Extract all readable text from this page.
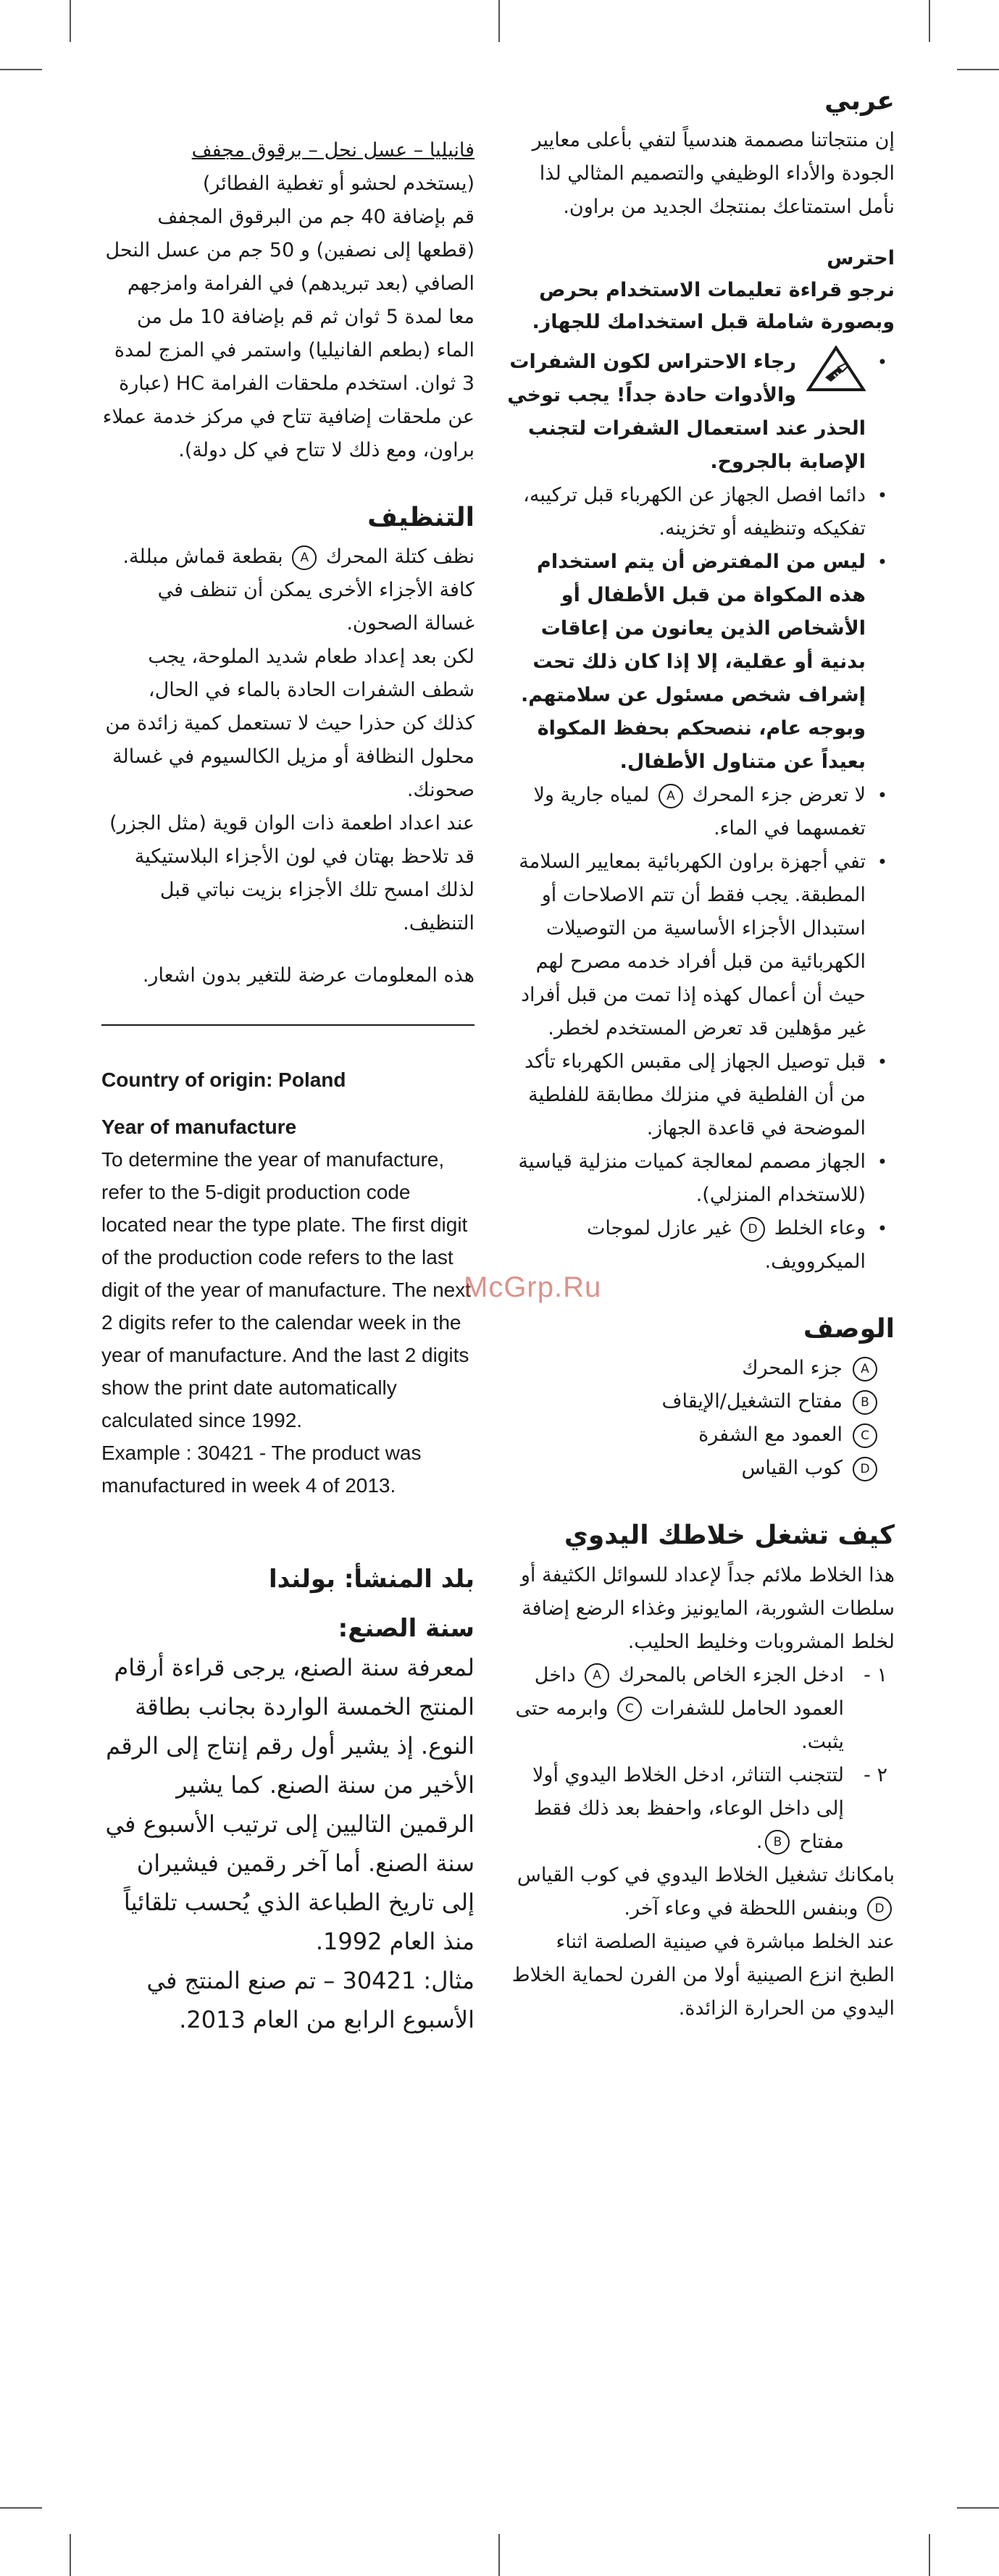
عربي

إن منتجاتنا مصممة هندسياً لتفي بأعلى معايير الجودة والأداء الوظيفي والتصميم المثالي لذا نأمل استمتاعك بمنتجك الجديد من براون.

احترس

نرجو قراءة تعليمات الاستخدام بحرص وبصورة شاملة قبل استخدامك للجهاز.

•
رجاء الاحتراس لكون الشفرات والأدوات حادة جداً! يجب توخي الحذر عند استعمال الشفرات لتجنب الإصابة بالجروح.
•
دائما افصل الجهاز عن الكهرباء قبل تركيبه، تفكيكه وتنظيفه أو تخزينه.
•
ليس من المفترض أن يتم استخدام هذه المكواة من قبل الأطفال أو الأشخاص الذين يعانون من إعاقات بدنية أو عقلية، إلا إذا كان ذلك تحت إشراف شخص مسئول عن سلامتهم. وبوجه عام، ننصحكم بحفظ المكواة بعيداً عن متناول الأطفال.
•
لا تعرض جزء المحرك A لمياه جارية ولا تغمسهما في الماء.
•
تفي أجهزة براون الكهربائية بمعايير السلامة المطبقة. يجب فقط أن تتم الاصلاحات أو استبدال الأجزاء الأساسية من التوصيلات الكهربائية من قبل أفراد خدمه مصرح لهم حيث أن أعمال كهذه إذا تمت من قبل أفراد غير مؤهلين قد تعرض المستخدم لخطر.
•
قبل توصيل الجهاز إلى مقبس الكهرباء تأكد من أن الفلطية في منزلك مطابقة للفلطية الموضحة في قاعدة الجهاز.
•
الجهاز مصمم لمعالجة كميات منزلية قياسية (للاستخدام المنزلي).
•
وعاء الخلط D غير عازل لموجات الميكروويف.
الوصف
Aجزء المحرك
Bمفتاح التشغيل/الإيقاف
Cالعمود مع الشفرة
Dكوب القياس
كيف تشغل خلاطك اليدوي

هذا الخلاط ملائم جداً لإعداد للسوائل الكثيفة أو سلطات الشوربة، المايونيز وغذاء الرضع إضافة لخلط المشروبات وخليط الحليب.

١ -
ادخل الجزء الخاص بالمحرك A داخل العمود الحامل للشفرات C وابرمه حتى يثبت.
٢ -
لتتجنب التناثر، ادخل الخلاط اليدوي أولا إلى داخل الوعاء، واحفظ بعد ذلك فقط مفتاح B.

بامكانك تشغيل الخلاط اليدوي في كوب القياس D وبنفس اللحظة في وعاء آخر.

عند الخلط مباشرة في صينية الصلصة اثناء الطبخ انزع الصينية أولا من الفرن لحماية الخلاط اليدوي من الحرارة الزائدة.

فانيليا – عسل نحل – برقوق مجفف

(يستخدم لحشو أو تغطية الفطائر)

قم بإضافة 40 جم من البرقوق المجفف (قطعها إلى نصفين) و 50 جم من عسل النحل الصافي (بعد تبريدهم) في الفرامة وامزجهم معا لمدة 5 ثوان ثم قم بإضافة 10 مل من الماء (بطعم الفانيليا) واستمر في المزج لمدة 3 ثوان. استخدم ملحقات الفرامة HC (عبارة عن ملحقات إضافية تتاح في مركز خدمة عملاء براون، ومع ذلك لا تتاح في كل دولة).

التنظيف

نظف كتلة المحرك A بقطعة قماش مبللة. كافة الأجزاء الأخرى يمكن أن تنظف في غسالة الصحون.

لكن بعد إعداد طعام شديد الملوحة، يجب شطف الشفرات الحادة بالماء في الحال، كذلك كن حذرا حيث لا تستعمل كمية زائدة من محلول النظافة أو مزيل الكالسيوم في غسالة صحونك.

عند اعداد اطعمة ذات الوان قوية (مثل الجزر) قد تلاحظ بهتان في لون الأجزاء البلاستيكية لذلك امسح تلك الأجزاء بزيت نباتي قبل التنظيف.

هذه المعلومات عرضة للتغير بدون اشعار.

Country of origin: Poland
Year of manufacture
To determine the year of manufacture, refer to the 5-digit production code located near the type plate. The first digit of the production code refers to the last digit of the year of manufacture. The next 2 digits refer to the calendar week in the year of manufacture. And the last 2 digits show the print date automatically calculated since 1992.
Example : 30421 - The product was manufactured in week 4 of 2013.

بلد المنشأ: بولندا

سنة الصنع:

لمعرفة سنة الصنع، يرجى قراءة أرقام المنتج الخمسة الواردة بجانب بطاقة النوع. إذ يشير أول رقم إنتاج إلى الرقم الأخير من سنة الصنع. كما يشير الرقمين التاليين إلى ترتيب الأسبوع في سنة الصنع. أما آخر رقمين فيشيران إلى تاريخ الطباعة الذي يُحسب تلقائياً منذ العام 1992.

مثال: 30421 – تم صنع المنتج في الأسبوع الرابع من العام 2013.

McGrp.Ru
